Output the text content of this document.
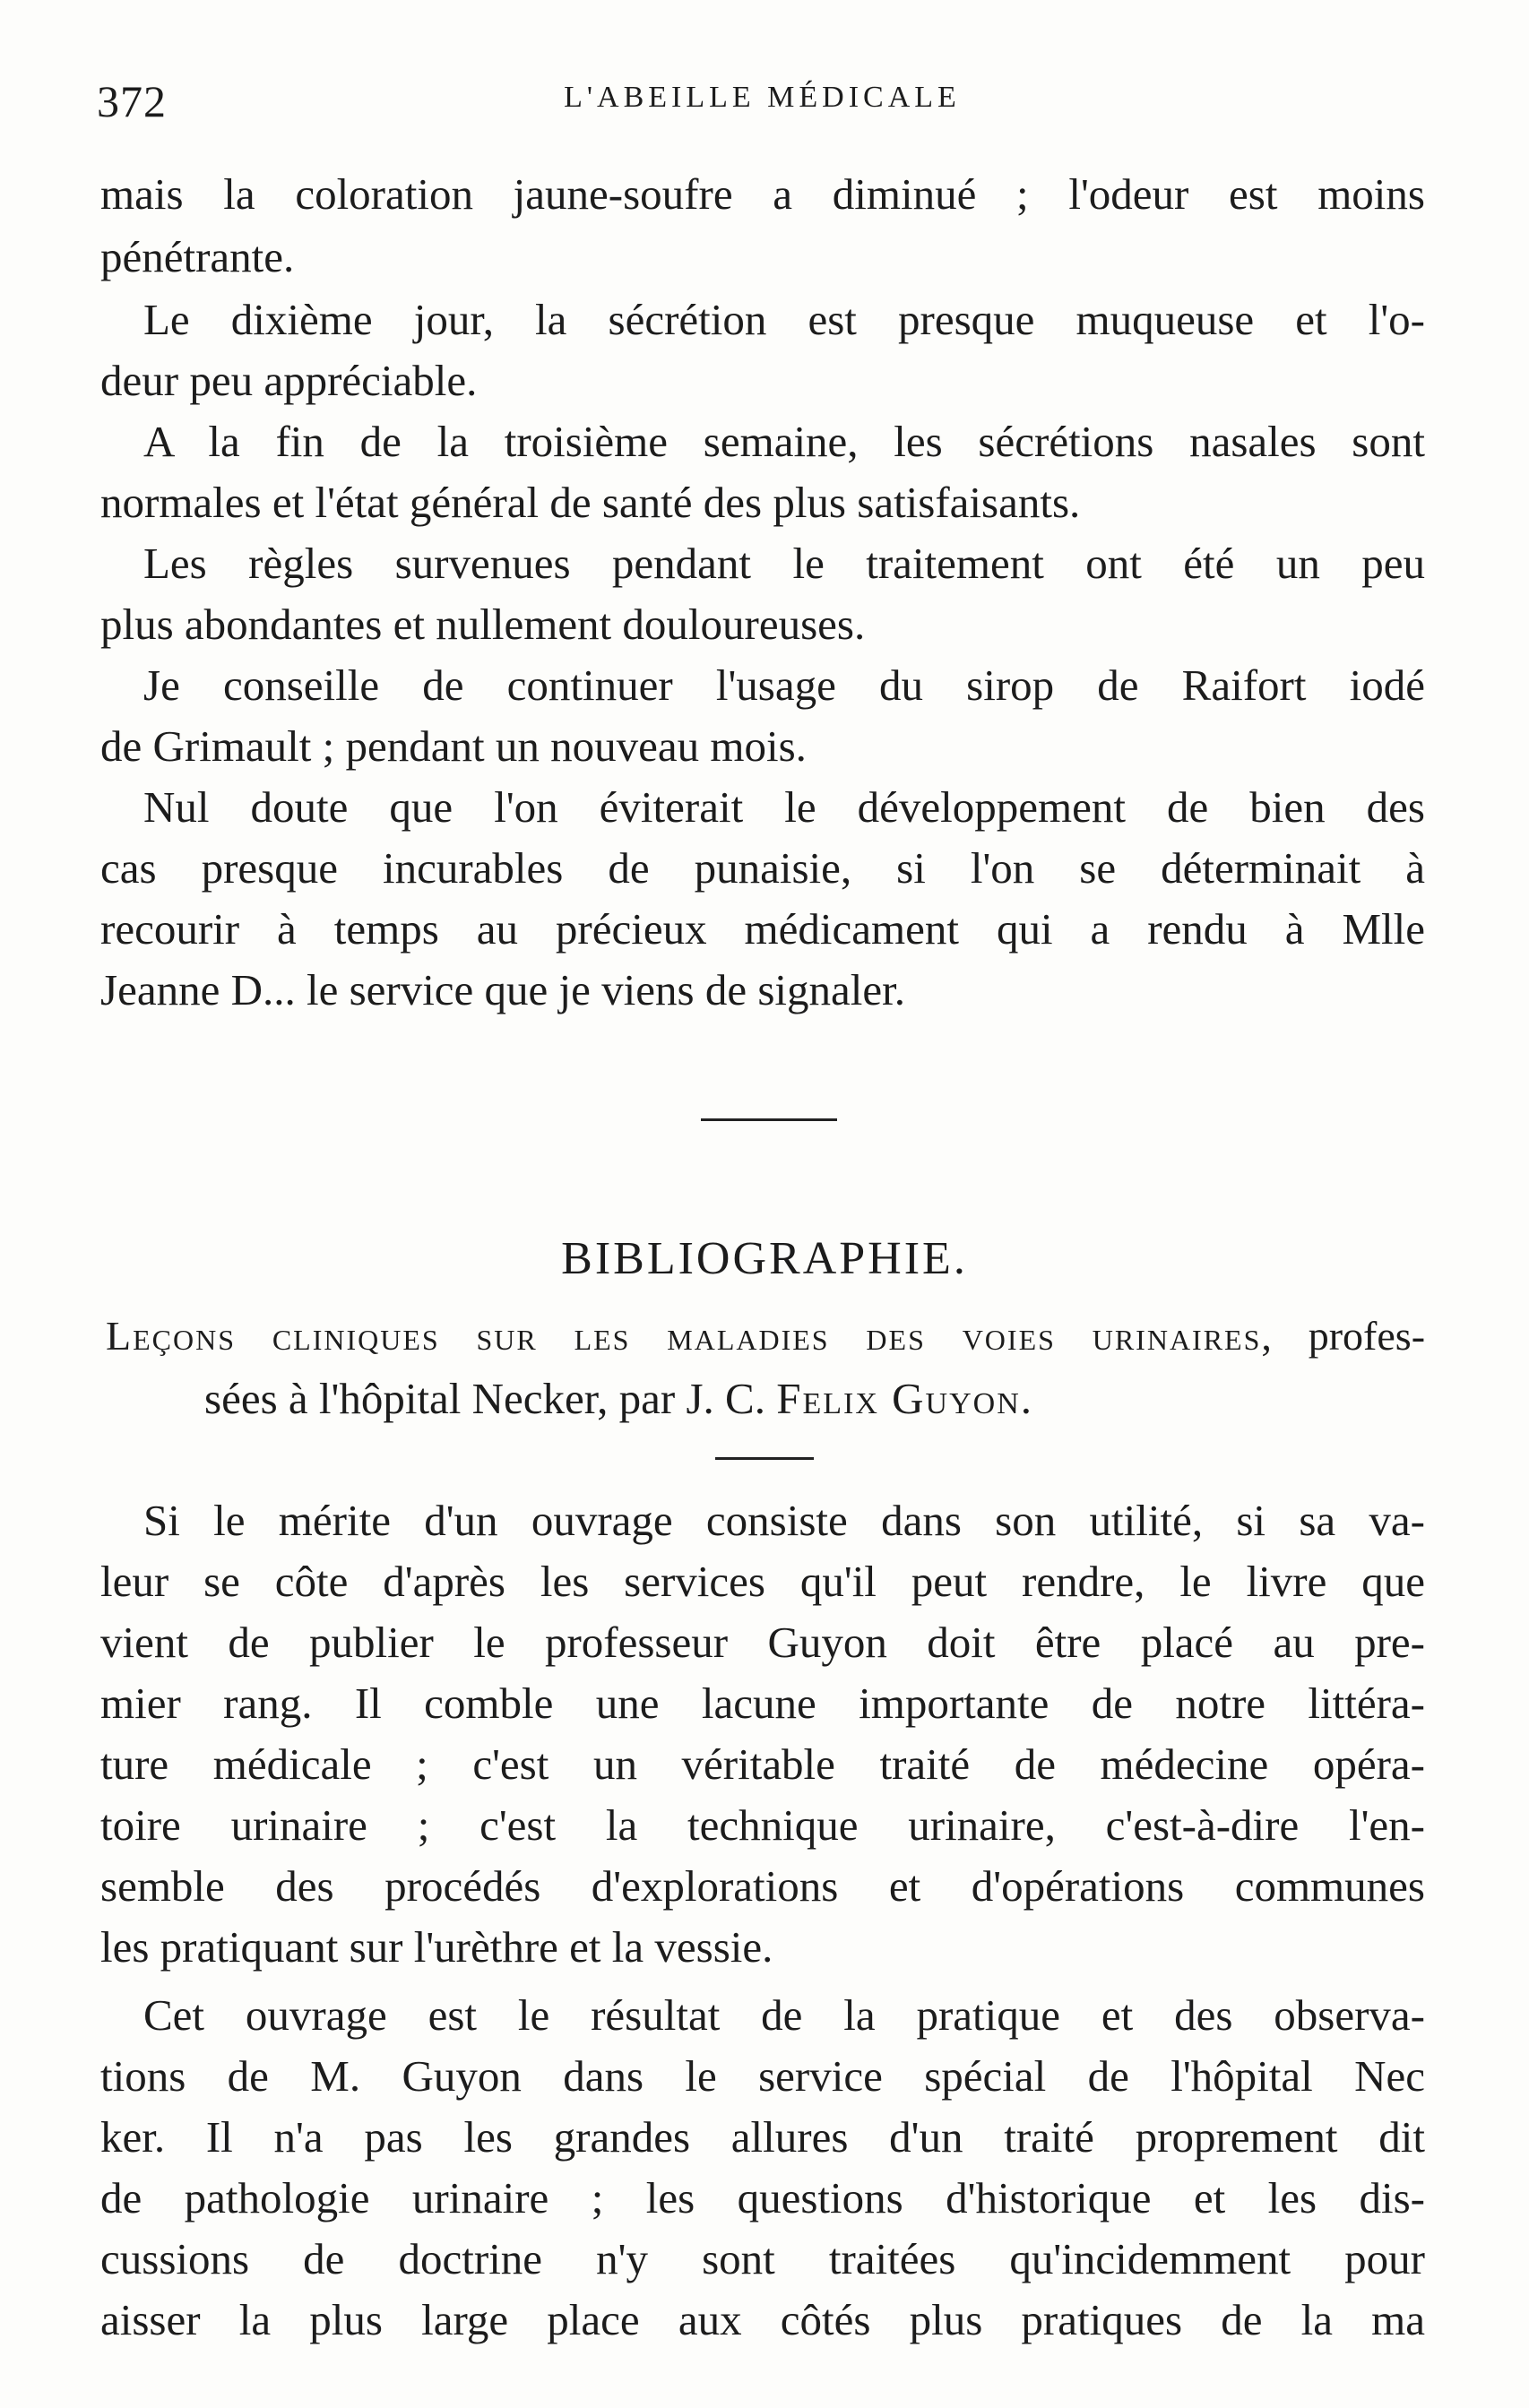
372	L'ABEILLE MÉDICALE
mais la coloration jaune-soufre a diminué ; l'odeur est moins
pénétrante.
Le dixième jour, la sécrétion est presque muqueuse et l'o-
deur peu appréciable.
A la fin de la troisième semaine, les sécrétions nasales sont
normales et l'état général de santé des plus satisfaisants.
Les règles survenues pendant le traitement ont été un peu
plus abondantes et nullement douloureuses.
Je conseille de continuer l'usage du sirop de Raifort iodé
de Grimault ; pendant un nouveau mois.
Nul doute que l'on éviterait le développement de bien des
cas presque incurables de punaisie, si l'on se déterminait à
recourir à temps au précieux médicament qui a rendu à Mlle
Jeanne D... le service que je viens de signaler.
BIBLIOGRAPHIE.
Leçons cliniques sur les maladies des voies urinaires, profes-
sées à l'hôpital Necker, par J. C. Felix Guyon.
Si le mérite d'un ouvrage consiste dans son utilité, si sa va-
leur se côte d'après les services qu'il peut rendre, le livre que
vient de publier le professeur Guyon doit être placé au pre-
mier rang. Il comble une lacune importante de notre littéra-
ture médicale ; c'est un véritable traité de médecine opéra-
toire urinaire ; c'est la technique urinaire, c'est-à-dire l'en-
semble des procédés d'explorations et d'opérations communes
les pratiquant sur l'urèthre et la vessie.
Cet ouvrage est le résultat de la pratique et des observa-
tions de M. Guyon dans le service spécial de l'hôpital Nec
ker. Il n'a pas les grandes allures d'un traité proprement dit
de pathologie urinaire ; les questions d'historique et les dis-
cussions de doctrine n'y sont traitées qu'incidemment pour
aisser la plus large place aux côtés plus pratiques de la ma
